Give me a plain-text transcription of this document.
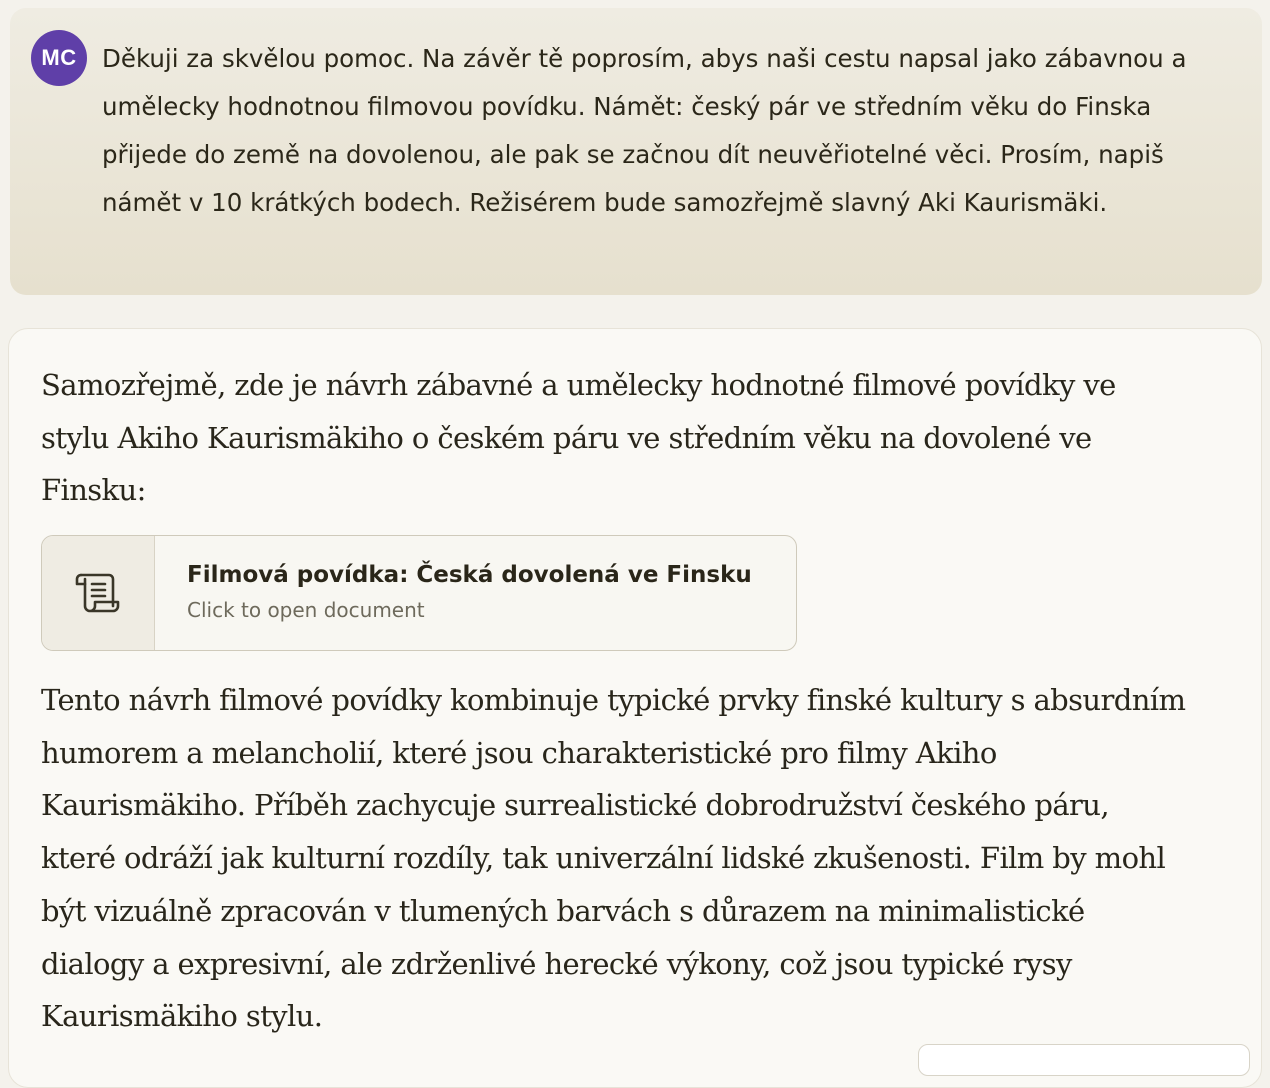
MC	Děkuji za skvělou pomoc. Na závěr tě poprosím, abys naši cestu napsal jako zábavnou a umělecky hodnotnou filmovou povídku. Námět: český pár ve středním věku do Finska přijede do země na dovolenou, ale pak se začnou dít neuvěřiotelné věci. Prosím, napiš námět v 10 krátkých bodech. Režisérem bude samozřejmě slavný Aki Kaurismäki.

Samozřejmě, zde je návrh zábavné a umělecky hodnotné filmové povídky ve stylu Akiho Kaurismäkiho o českém páru ve středním věku na dovolené ve Finsku:

Filmová povídka: Česká dovolená ve Finsku
Click to open document

Tento návrh filmové povídky kombinuje typické prvky finské kultury s absurdním humorem a melancholií, které jsou charakteristické pro filmy Akiho Kaurismäkiho. Příběh zachycuje surrealistické dobrodružství českého páru, které odráží jak kulturní rozdíly, tak univerzální lidské zkušenosti. Film by mohl být vizuálně zpracován v tlumených barvách s důrazem na minimalistické dialogy a expresivní, ale zdrženlivé herecké výkony, což jsou typické rysy Kaurismäkiho stylu.
